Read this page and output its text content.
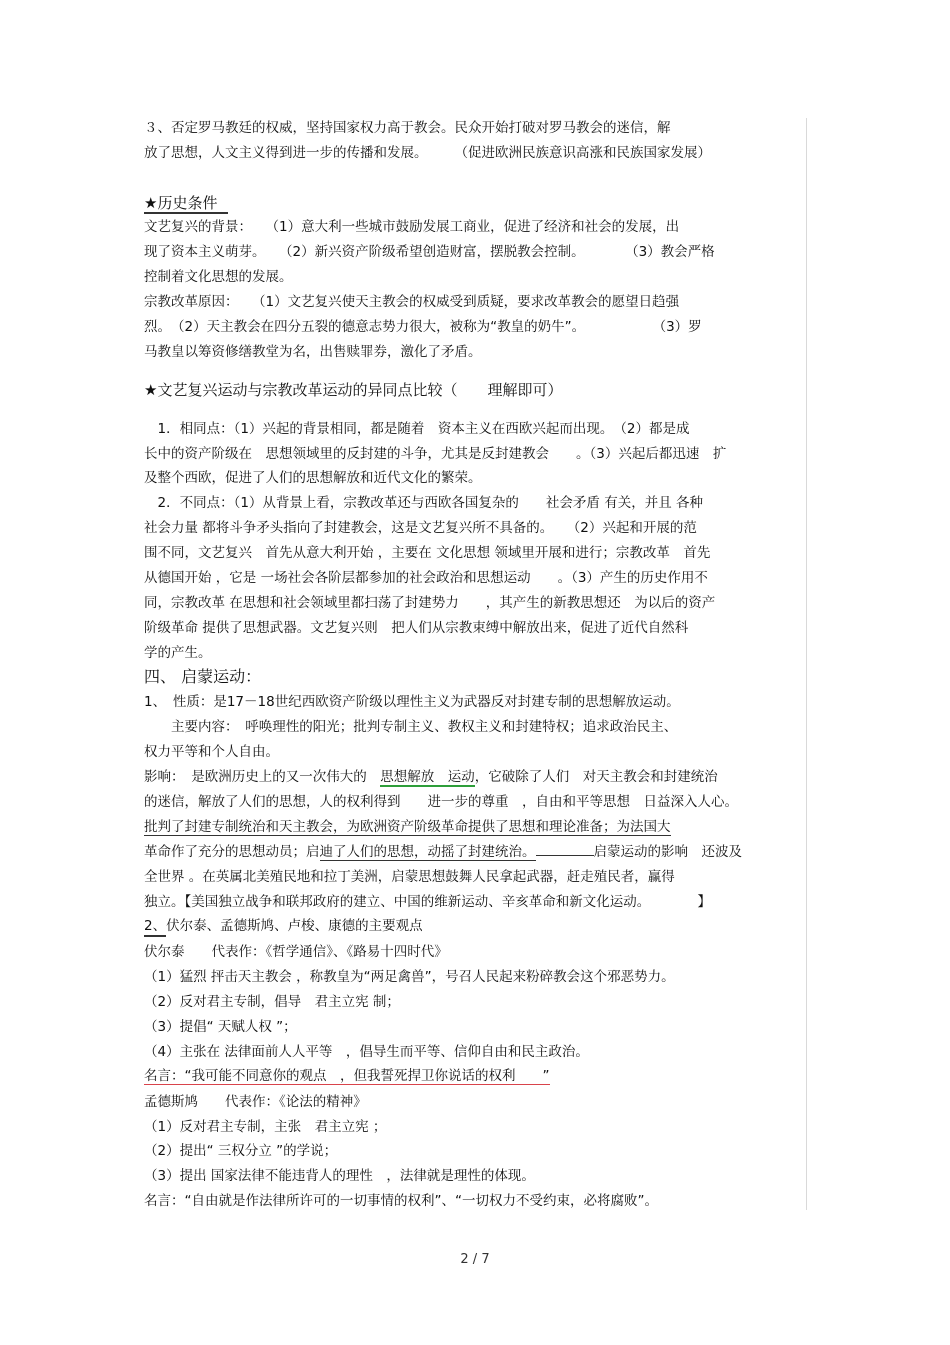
３、否定罗马教廷的权威，坚持国家权力高于教会。民众开始打破对罗马教会的迷信，解
放了思想，人文主义得到进一步的传播和发展。　　　（促进欧洲民族意识高涨和民族国家发展）
★历史条件
文艺复兴的背景：　　（1）意大利一些城市鼓励发展工商业，促进了经济和社会的发展，出
现了资本主义萌芽。　　（2）新兴资产阶级希望创造财富，摆脱教会控制。　　　　（3）教会严格
控制着文化思想的发展。
宗教改革原因：　　（1）文艺复兴使天主教会的权威受到质疑，要求改革教会的愿望日趋强
烈。　（2）天主教会在四分五裂的德意志势力很大，被称为“教皇的奶牛”。　　　　　　（3）罗
马教皇以筹资修缮教堂为名，出售赎罪券，激化了矛盾。
★文艺复兴运动与宗教改革运动的异同点比较（　　理解即可）
　1．相同点：（1）兴起的背景相同，都是随着　资本主义在西欧兴起而出现。　（2）都是成
长中的资产阶级在　思想领域里的反封建的斗争，尤其是反封建教会　　。（3）兴起后都迅速　扩
及整个西欧，促进了人们的思想解放和近代文化的繁荣。
　2．不同点：（1）从背景上看，宗教改革还与西欧各国复杂的　　社会矛盾 有关，并且 各种
社会力量 都将斗争矛头指向了封建教会，这是文艺复兴所不具备的。　　（2）兴起和开展的范
围不同，文艺复兴　首先从意大利开始 ，主要在 文化思想 领域里开展和进行；宗教改革　首先
从德国开始 ，它是 一场社会各阶层都参加的社会政治和思想运动　　。（3）产生的历史作用不
同，宗教改革 在思想和社会领域里都扫荡了封建势力　　，其产生的新教思想还　为以后的资产
阶级革命 提供了思想武器。文艺复兴则　把人们从宗教束缚中解放出来，促进了近代自然科
学的产生。
四、 启蒙运动：
1、　性质：是17－18世纪西欧资产阶级以理性主义为武器反对封建专制的思想解放运动。
　　主要内容：　呼唤理性的阳光；批判专制主义、教权主义和封建特权；追求政治民主、
权力平等和个人自由。
影响：　是欧洲历史上的又一次伟大的　思想解放　运动，它破除了人们　对天主教会和封建统治
的迷信，解放了人们的思想，人的权利得到　　进一步的尊重　，自由和平等思想　日益深入人心。
批判了封建专制统治和天主教会，为欧洲资产阶级革命提供了思想和理论准备；为法国大
革命作了充分的思想动员；启迪了人们的思想，动摇了封建统治。	启蒙运动的影响　还波及
全世界 。在英属北美殖民地和拉丁美洲，启蒙思想鼓舞人民拿起武器，赶走殖民者，赢得
独立。【美国独立战争和联邦政府的建立、中国的维新运动、辛亥革命和新文化运动。　　　　】
2、伏尔泰、孟德斯鸠、卢梭、康德的主要观点
伏尔泰　　代表作：《哲学通信》、《路易十四时代》
（1）猛烈 抨击天主教会 ，称教皇为“两足禽兽”，号召人民起来粉碎教会这个邪恶势力。
（2）反对君主专制，倡导　君主立宪 制；
（3）提倡“ 天赋人权 ”；
（4）主张在 法律面前人人平等　，倡导生而平等、信仰自由和民主政治。
名言：“我可能不同意你的观点　，但我誓死捍卫你说话的权利　　”
孟德斯鸠　　代表作：《论法的精神》
（1）反对君主专制，主张　君主立宪 ；
（2）提出“ 三权分立 ”的学说；
（3）提出 国家法律不能违背人的理性　，法律就是理性的体现。
名言：“自由就是作法律所许可的一切事情的权利”、“一切权力不受约束，必将腐败”。
2 / 7
